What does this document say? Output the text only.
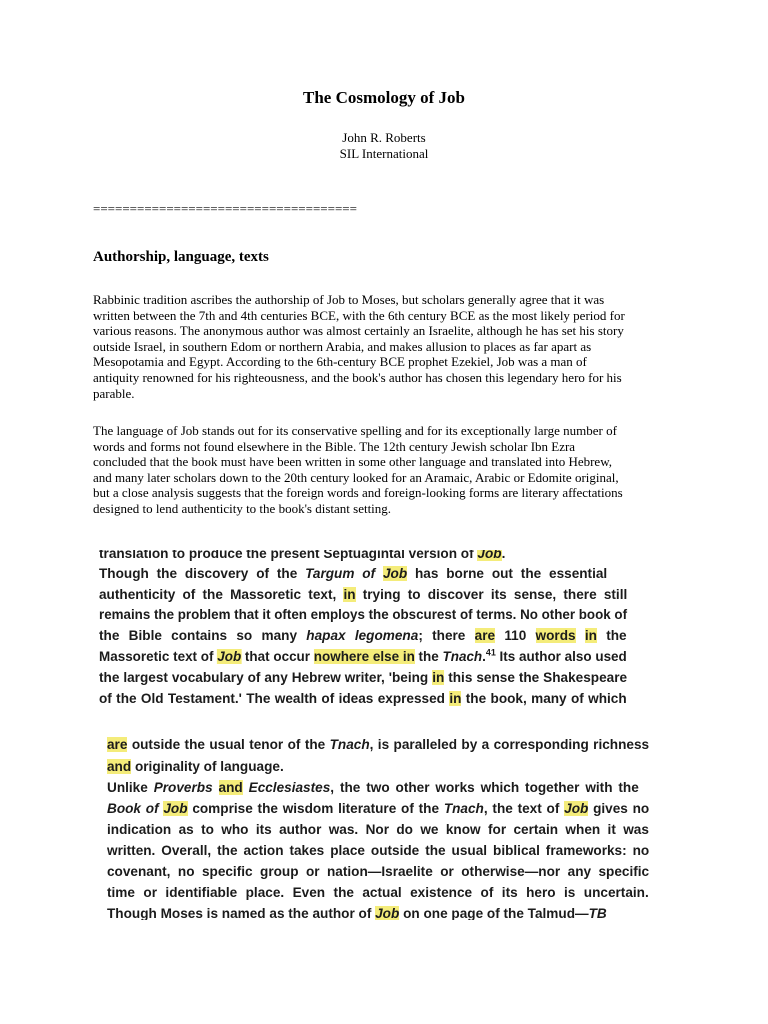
The Cosmology of Job
John R. Roberts
SIL International
====================================
Authorship, language, texts
Rabbinic tradition ascribes the authorship of Job to Moses, but scholars generally agree that it was
written between the 7th and 4th centuries BCE, with the 6th century BCE as the most likely period for
various reasons. The anonymous author was almost certainly an Israelite, although he has set his story
outside Israel, in southern Edom or northern Arabia, and makes allusion to places as far apart as
Mesopotamia and Egypt. According to the 6th-century BCE prophet Ezekiel, Job was a man of
antiquity renowned for his righteousness, and the book's author has chosen this legendary hero for his
parable.
The language of Job stands out for its conservative spelling and for its exceptionally large number of
words and forms not found elsewhere in the Bible. The 12th century Jewish scholar Ibn Ezra
concluded that the book must have been written in some other language and translated into Hebrew,
and many later scholars down to the 20th century looked for an Aramaic, Arabic or Edomite original,
but a close analysis suggests that the foreign words and foreign-looking forms are literary affectations
designed to lend authenticity to the book's distant setting.
translation to produce the present Septuagintal version of Job.
Though the discovery of the Targum of Job has borne out the essential
authenticity of the Massoretic text, in trying to discover its sense, there still
remains the problem that it often employs the obscurest of terms. No other book of
the Bible contains so many hapax legomena; there are 110 words in the
Massoretic text of Job that occur nowhere else in the Tnach.$^{41}$ Its author also used
the largest vocabulary of any Hebrew writer, 'being in this sense the Shakespeare
of the Old Testament.' The wealth of ideas expressed in the book, many of which
are outside the usual tenor of the Tnach, is paralleled by a corresponding richness
and originality of language.
Unlike Proverbs and Ecclesiastes, the two other works which together with the
Book of Job comprise the wisdom literature of the Tnach, the text of Job gives no
indication as to who its author was. Nor do we know for certain when it was
written. Overall, the action takes place outside the usual biblical frameworks: no
covenant, no specific group or nation—Israelite or otherwise—nor any specific
time or identifiable place. Even the actual existence of its hero is uncertain.
Though Moses is named as the author of Job on one page of the Talmud—TB
